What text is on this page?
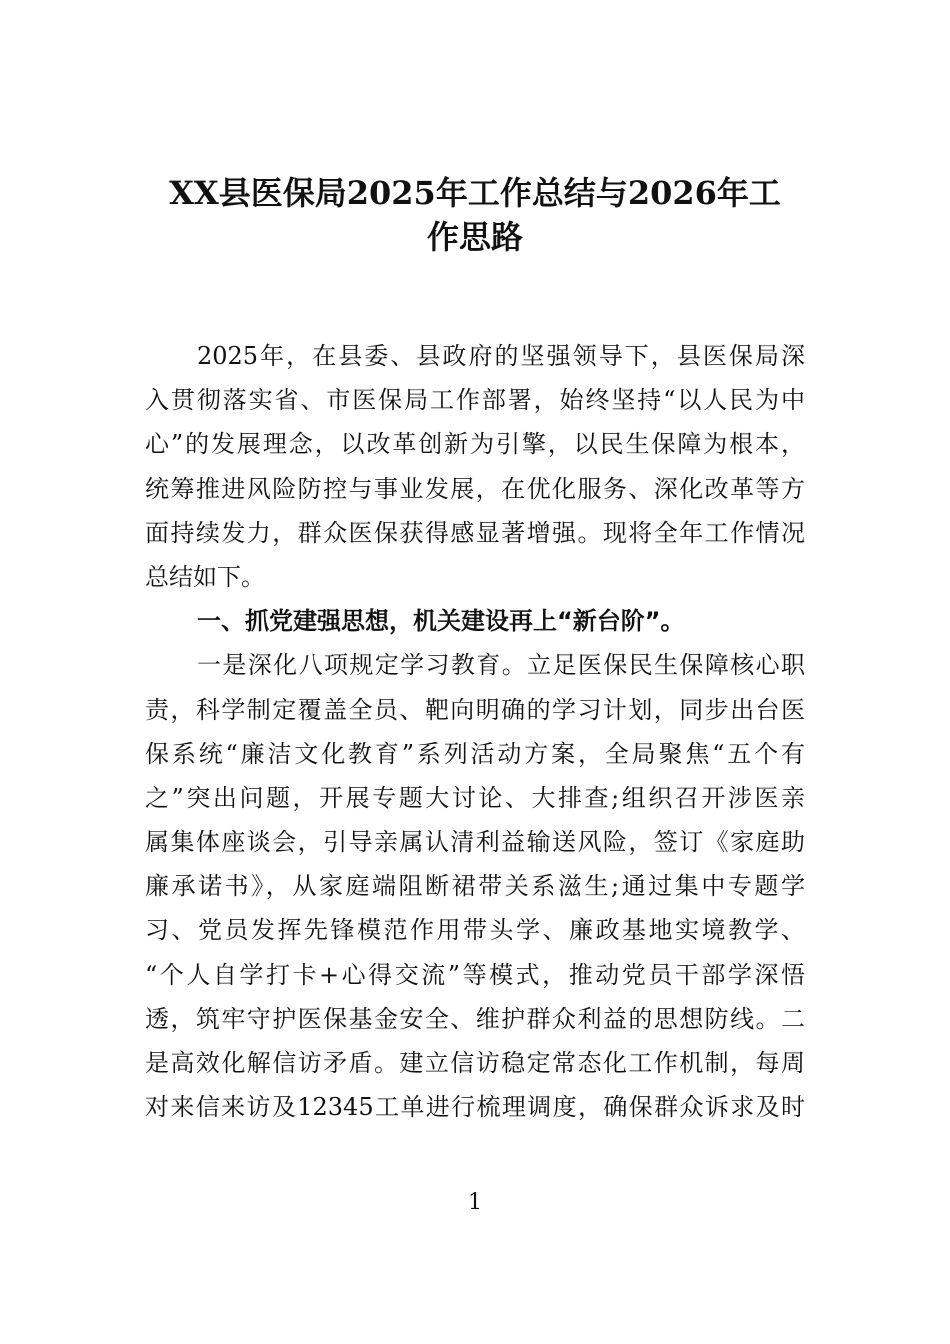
XX县医保局2025年工作总结与2026年工
作思路
2025年，在县委、县政府的坚强领导下，县医保局深
入贯彻落实省、市医保局工作部署，始终坚持“以人民为中
心”的发展理念，以改革创新为引擎，以民生保障为根本，
统筹推进风险防控与事业发展，在优化服务、深化改革等方
面持续发力，群众医保获得感显著增强。现将全年工作情况
总结如下。
一、抓党建强思想，机关建设再上“新台阶”。
一是深化八项规定学习教育。立足医保民生保障核心职
责，科学制定覆盖全员、靶向明确的学习计划，同步出台医
保系统“廉洁文化教育”系列活动方案，全局聚焦“五个有
之”突出问题，开展专题大讨论、大排查;组织召开涉医亲
属集体座谈会，引导亲属认清利益输送风险，签订《家庭助
廉承诺书》，从家庭端阻断裙带关系滋生;通过集中专题学
习、党员发挥先锋模范作用带头学、廉政基地实境教学、
“个人自学打卡+心得交流”等模式，推动党员干部学深悟
透，筑牢守护医保基金安全、维护群众利益的思想防线。二
是高效化解信访矛盾。建立信访稳定常态化工作机制，每周
对来信来访及12345工单进行梳理调度，确保群众诉求及时
1
